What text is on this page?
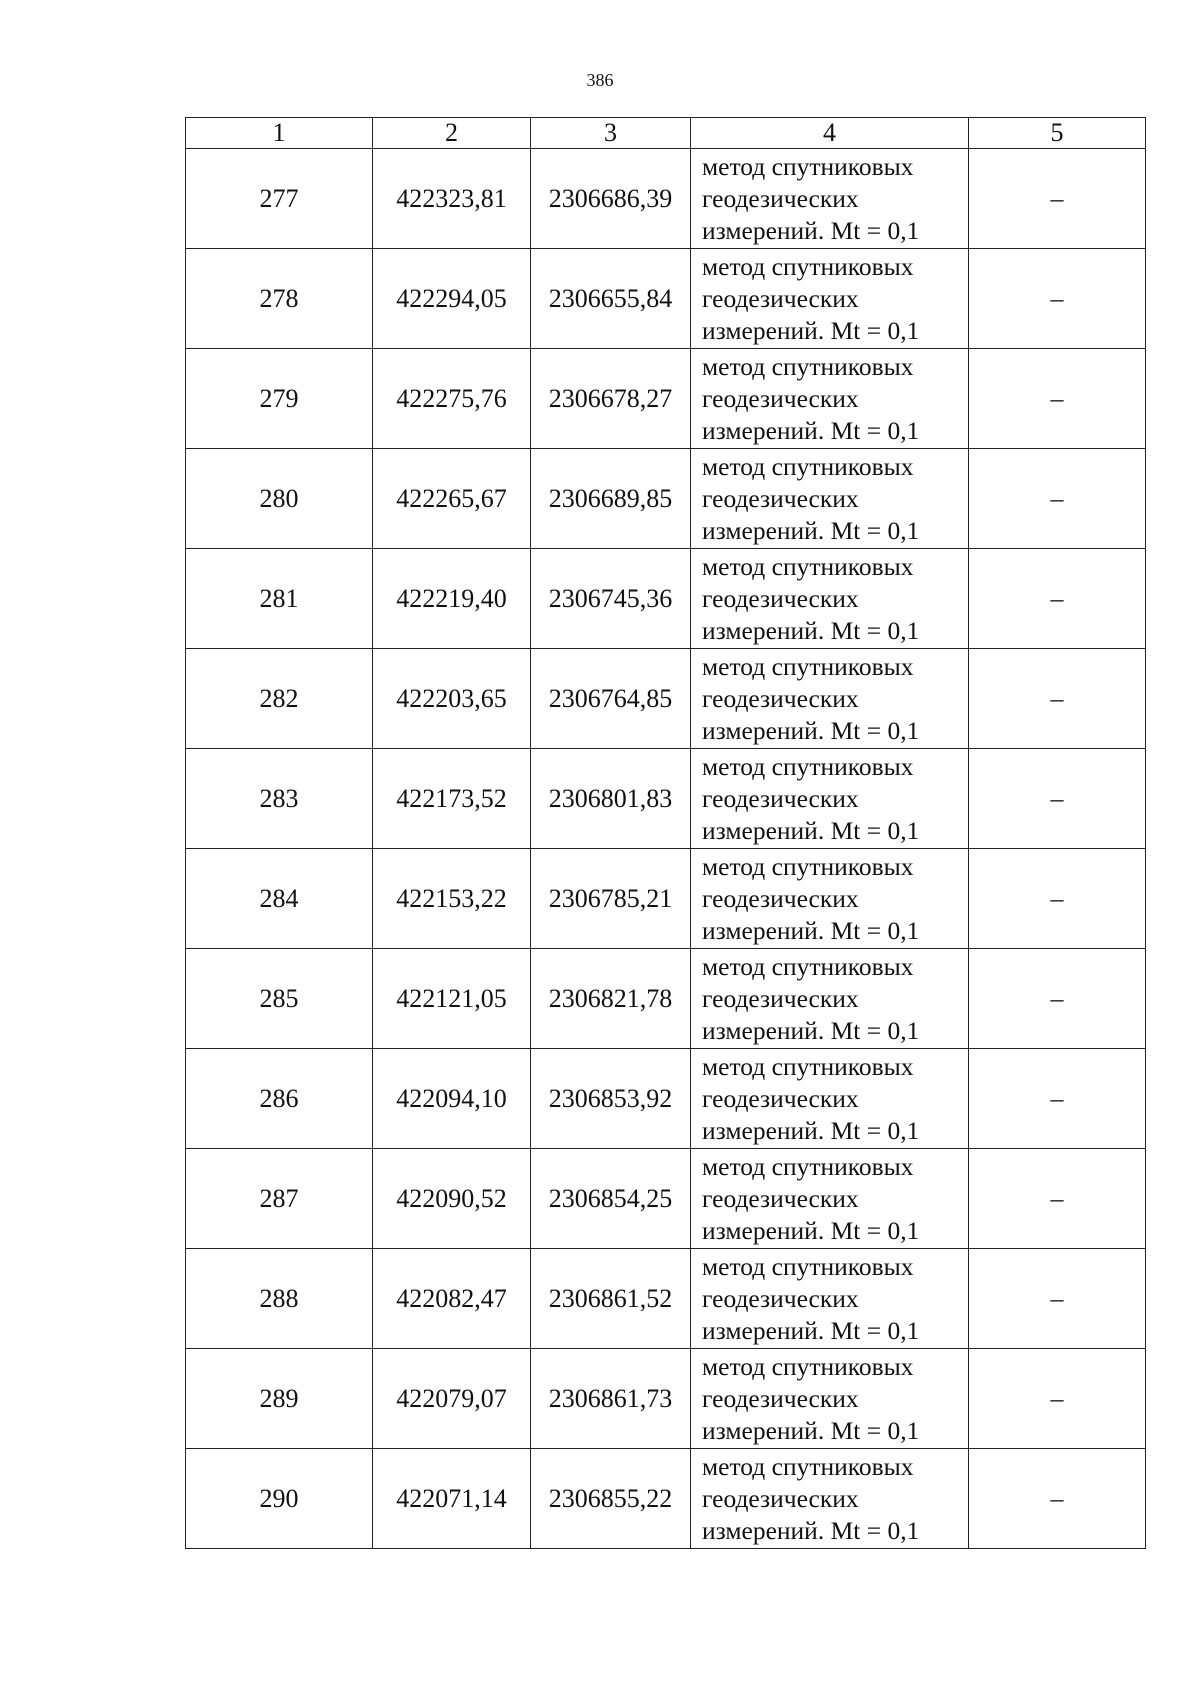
386
1	2	3	4	5
277	422323,81	2306686,39	метод спутниковых
геодезических
измерений. Mt = 0,1	–
278	422294,05	2306655,84	метод спутниковых
геодезических
измерений. Mt = 0,1	–
279	422275,76	2306678,27	метод спутниковых
геодезических
измерений. Mt = 0,1	–
280	422265,67	2306689,85	метод спутниковых
геодезических
измерений. Mt = 0,1	–
281	422219,40	2306745,36	метод спутниковых
геодезических
измерений. Mt = 0,1	–
282	422203,65	2306764,85	метод спутниковых
геодезических
измерений. Mt = 0,1	–
283	422173,52	2306801,83	метод спутниковых
геодезических
измерений. Mt = 0,1	–
284	422153,22	2306785,21	метод спутниковых
геодезических
измерений. Mt = 0,1	–
285	422121,05	2306821,78	метод спутниковых
геодезических
измерений. Mt = 0,1	–
286	422094,10	2306853,92	метод спутниковых
геодезических
измерений. Mt = 0,1	–
287	422090,52	2306854,25	метод спутниковых
геодезических
измерений. Mt = 0,1	–
288	422082,47	2306861,52	метод спутниковых
геодезических
измерений. Mt = 0,1	–
289	422079,07	2306861,73	метод спутниковых
геодезических
измерений. Mt = 0,1	–
290	422071,14	2306855,22	метод спутниковых
геодезических
измерений. Mt = 0,1	–
